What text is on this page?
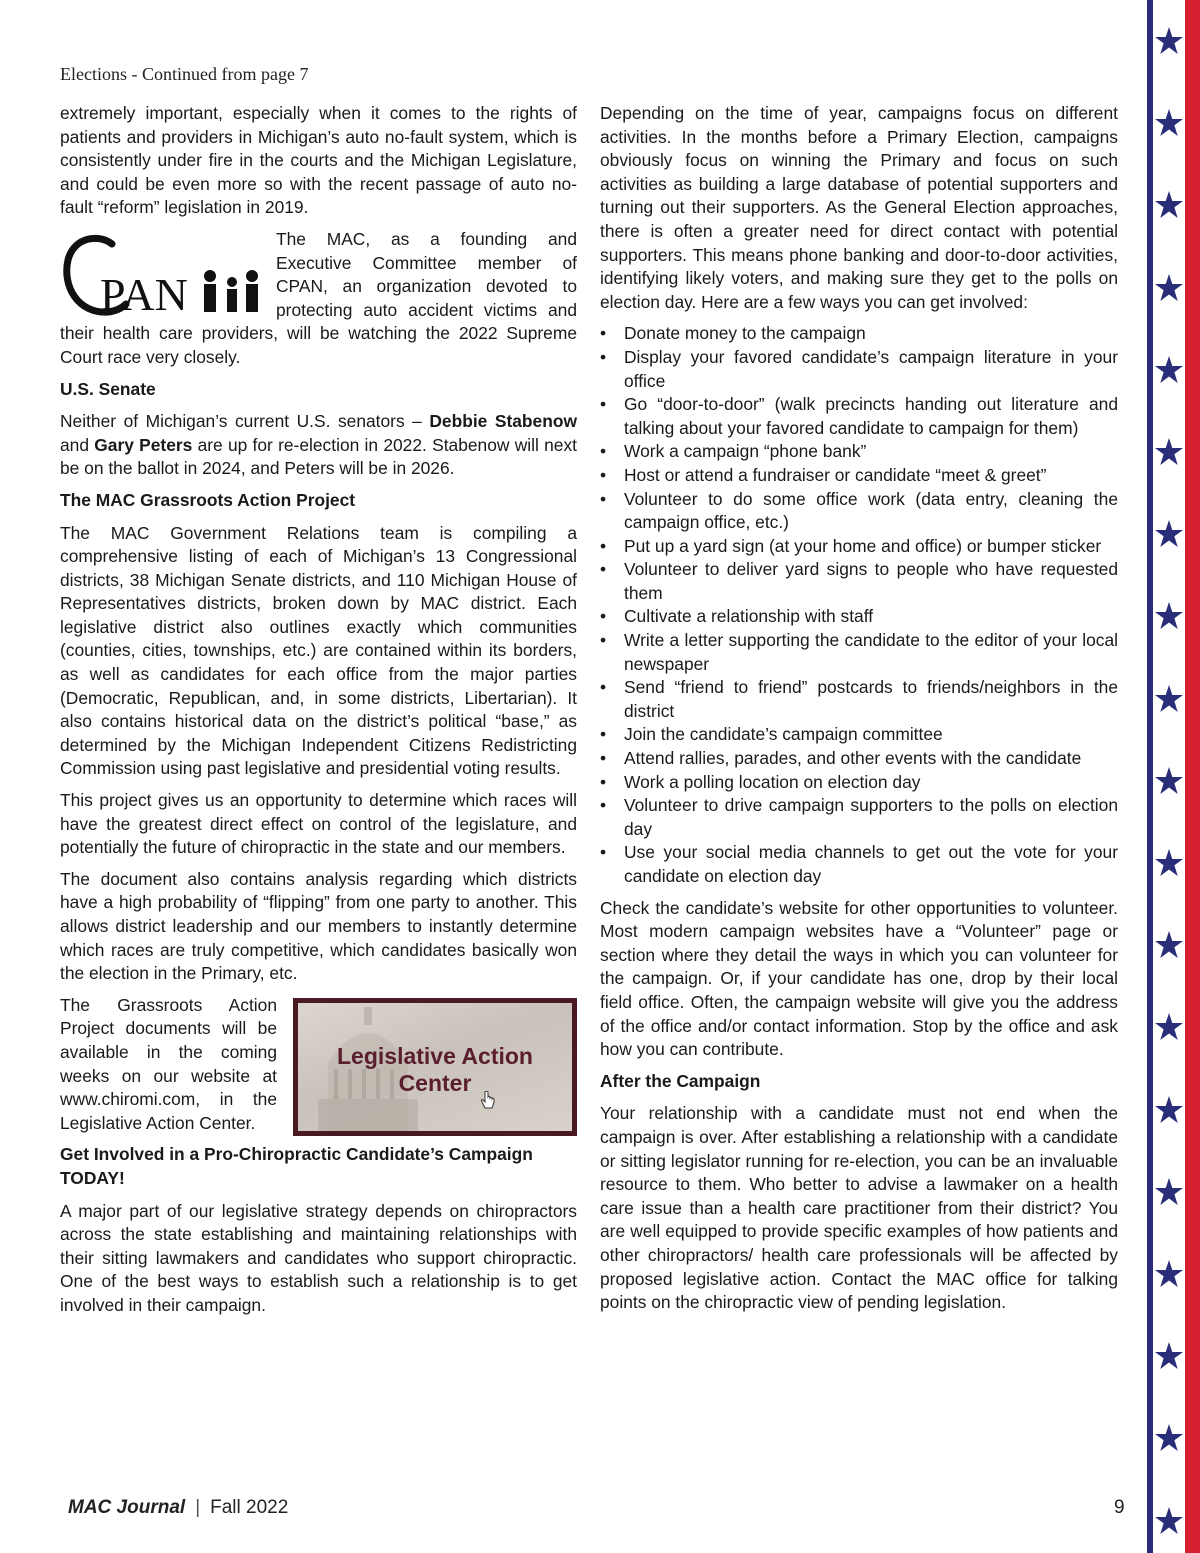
Elections - Continued from page 7

extremely important, especially when it comes to the rights of patients and providers in Michigan’s auto no-fault system, which is consistently under fire in the courts and the Michigan Legislature, and could be even more so with the recent passage of auto no-fault “reform” legislation in 2019.

PAN

The MAC, as a founding and Executive Committee member of CPAN, an organization devoted to protecting auto accident victims and their health care providers, will be watching the 2022 Supreme Court race very closely.

U.S. Senate

Neither of Michigan’s current U.S. senators – Debbie Stabenow and Gary Peters are up for re-election in 2022. Stabenow will next be on the ballot in 2024, and Peters will be in 2026.

The MAC Grassroots Action Project

The MAC Government Relations team is compiling a comprehensive listing of each of Michigan’s 13 Congressional districts, 38 Michigan Senate districts, and 110 Michigan House of Representatives districts, broken down by MAC district. Each legislative district also outlines exactly which communities (counties, cities, townships, etc.) are contained within its borders, as well as candidates for each office from the major parties (Democratic, Republican, and, in some districts, Libertarian). It also contains historical data on the district’s political “base,” as determined by the Michigan Independent Citizens Redistricting Commission using past legislative and presidential voting results.

This project gives us an opportunity to determine which races will have the greatest direct effect on control of the legislature, and potentially the future of chiropractic in the state and our members.

The document also contains analysis regarding which districts have a high probability of “flipping” from one party to another. This allows district leadership and our members to instantly determine which races are truly competitive, which candidates basically won the election in the Primary, etc.

Legislative Action Center

The Grassroots Action Project documents will be available in the coming weeks on our website at www.chiromi.com, in the Legislative Action Center.

Get Involved in a Pro-Chiropractic Candidate’s Campaign TODAY!

A major part of our legislative strategy depends on chiropractors across the state establishing and maintaining relationships with their sitting lawmakers and candidates who support chiropractic. One of the best ways to establish such a relationship is to get involved in their campaign.

Depending on the time of year, campaigns focus on different activities. In the months before a Primary Election, campaigns obviously focus on winning the Primary and focus on such activities as building a large database of potential supporters and turning out their supporters. As the General Election approaches, there is often a greater need for direct contact with potential supporters. This means phone banking and door-to-door activities, identifying likely voters, and making sure they get to the polls on election day. Here are a few ways you can get involved:

• Donate money to the campaign
• Display your favored candidate’s campaign literature in your office
• Go “door-to-door” (walk precincts handing out literature and talking about your favored candidate to campaign for them)
• Work a campaign “phone bank”
• Host or attend a fundraiser or candidate “meet & greet”
• Volunteer to do some office work (data entry, cleaning the campaign office, etc.)
• Put up a yard sign (at your home and office) or bumper sticker
• Volunteer to deliver yard signs to people who have requested them
• Cultivate a relationship with staff
• Write a letter supporting the candidate to the editor of your local newspaper
• Send “friend to friend” postcards to friends/neighbors in the district
• Join the candidate’s campaign committee
• Attend rallies, parades, and other events with the candidate
• Work a polling location on election day
• Volunteer to drive campaign supporters to the polls on election day
• Use your social media channels to get out the vote for your candidate on election day

Check the candidate’s website for other opportunities to volunteer. Most modern campaign websites have a “Volunteer” page or section where they detail the ways in which you can volunteer for the campaign. Or, if your candidate has one, drop by their local field office. Often, the campaign website will give you the address of the office and/or contact information. Stop by the office and ask how you can contribute.

After the Campaign

Your relationship with a candidate must not end when the campaign is over. After establishing a relationship with a candidate or sitting legislator running for re-election, you can be an invaluable resource to them. Who better to advise a lawmaker on a health care issue than a health care practitioner from their district? You are well equipped to provide specific examples of how patients and other chiropractors/ health care professionals will be affected by proposed legislative action. Contact the MAC office for talking points on the chiropractic view of pending legislation.

MAC Journal | Fall 2022	9
